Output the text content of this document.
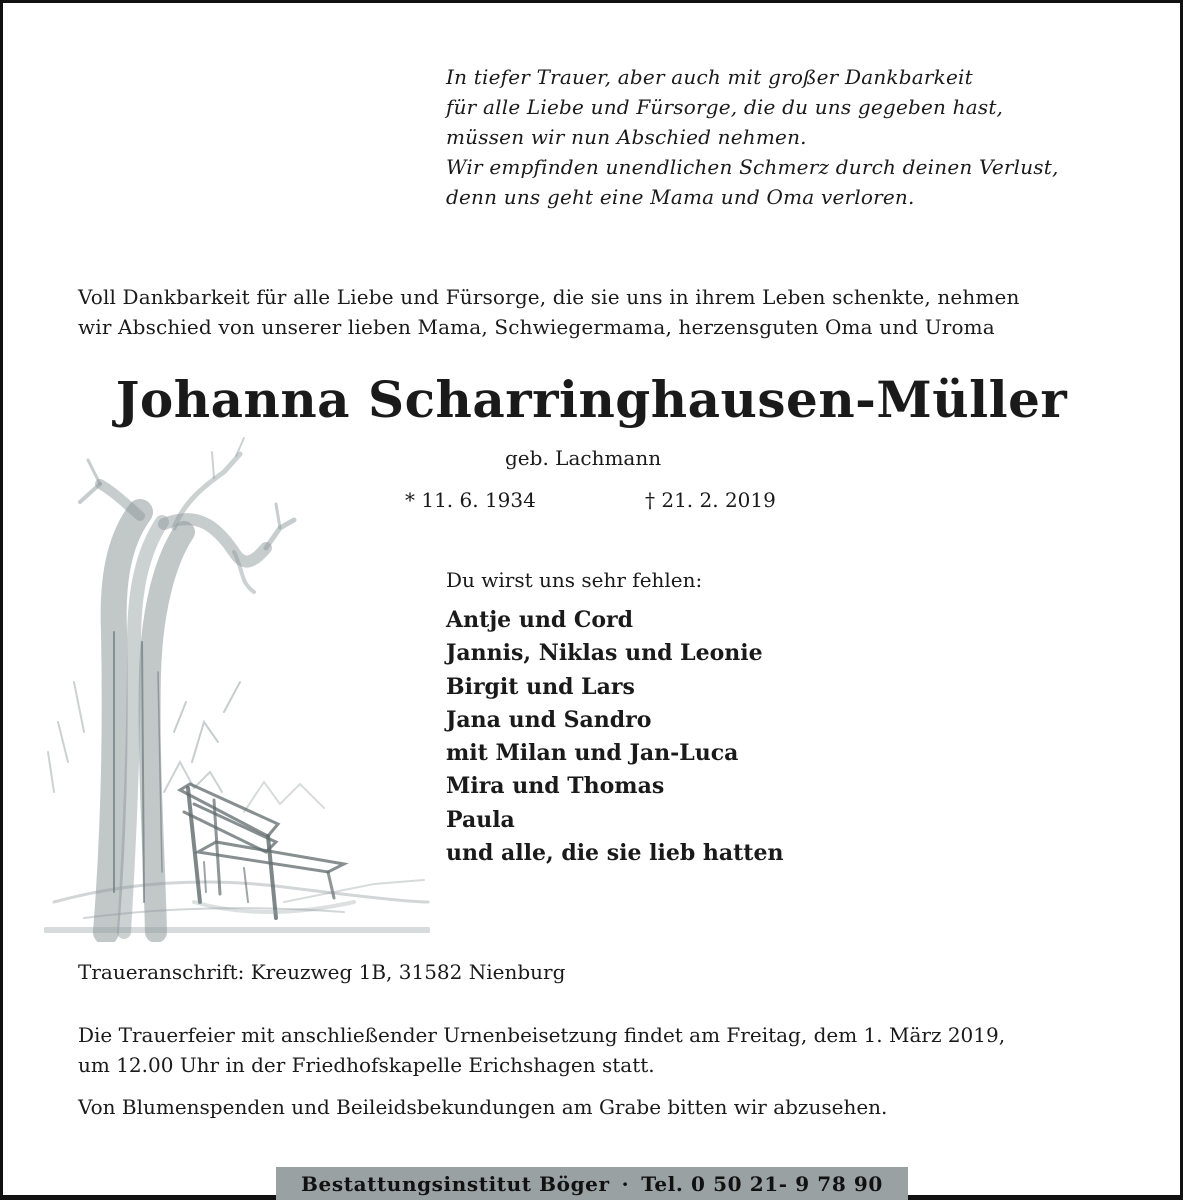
In tiefer Trauer, aber auch mit großer Dankbarkeit
für alle Liebe und Fürsorge, die du uns gegeben hast,
müssen wir nun Abschied nehmen.
Wir empfinden unendlichen Schmerz durch deinen Verlust,
denn uns geht eine Mama und Oma verloren.
Voll Dankbarkeit für alle Liebe und Fürsorge, die sie uns in ihrem Leben schenkte, nehmen
wir Abschied von unserer lieben Mama, Schwiegermama, herzensguten Oma und Uroma
Johanna Scharringhausen-Müller
geb. Lachmann
* 11. 6. 1934	† 21. 2. 2019
Du wirst uns sehr fehlen:
Antje und Cord
Jannis, Niklas und Leonie
Birgit und Lars
Jana und Sandro
mit Milan und Jan-Luca
Mira und Thomas
Paula
und alle, die sie lieb hatten
Traueranschrift: Kreuzweg 1B, 31582 Nienburg
Die Trauerfeier mit anschließender Urnenbeisetzung findet am Freitag, dem 1. März 2019,
um 12.00 Uhr in der Friedhofskapelle Erichshagen statt.
Von Blumenspenden und Beileidsbekundungen am Grabe bitten wir abzusehen.
Bestattungsinstitut Böger · Tel. 0 50 21- 9 78 90
